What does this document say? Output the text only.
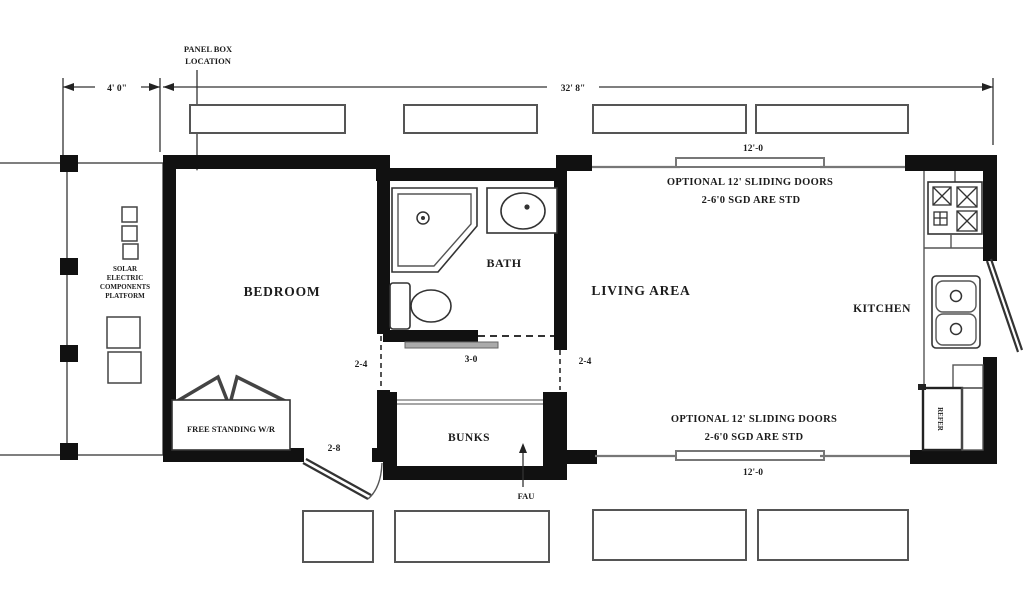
4' 0"	32' 8"
PANEL BOX
LOCATION
SOLAR
ELECTRIC
COMPONENTS
PLATFORM
FREE STANDING W/R	REFER
FAU
BEDROOM
BATH
LIVING AREA
KITCHEN
BUNKS
12'-0
OPTIONAL 12' SLIDING DOORS
2-6'0 SGD ARE STD
OPTIONAL 12' SLIDING DOORS
2-6'0 SGD ARE STD
12'-0
2-4	3-0	2-4
2-8
